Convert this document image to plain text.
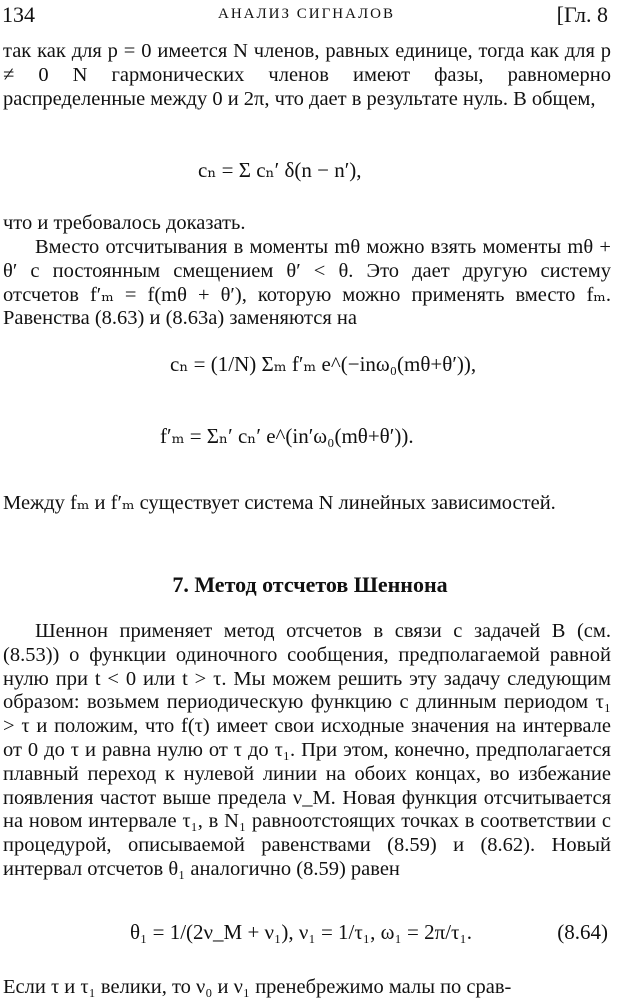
134	АНАЛИЗ СИГНАЛОВ	[Гл. 8

так как для p = 0 имеется N членов, равных единице, тогда как для p ≠ 0 N гармонических членов имеют фазы, равномерно распределенные между 0 и 2π, что дает в результате нуль. В общем,

cₙ = Σ cₙ′ δ(n − n′),

что и требовалось доказать.

Вместо отсчитывания в моменты mθ можно взять моменты mθ + θ′ с постоянным смещением θ′ < θ. Это дает другую систему отсчетов f′ₘ = f(mθ + θ′), которую можно применять вместо fₘ. Равенства (8.63) и (8.63а) заменяются на

cₙ = (1/N) Σₘ f′ₘ e^(−inω₀(mθ+θ′)),
f′ₘ = Σₙ′ cₙ′ e^(in′ω₀(mθ+θ′)).

Между fₘ и f′ₘ существует система N линейных зависимостей.

7. Метод отсчетов Шеннона

Шеннон применяет метод отсчетов в связи с задачей В (см. (8.53)) о функции одиночного сообщения, предполагаемой равной нулю при t < 0 или t > τ. Мы можем решить эту задачу следующим образом: возьмем периодическую функцию с длинным периодом τ₁ > τ и положим, что f(τ) имеет свои исходные значения на интервале от 0 до τ и равна нулю от τ до τ₁. При этом, конечно, предполагается плавный переход к нулевой линии на обоих концах, во избежание появления частот выше предела ν_M. Новая функция отсчитывается на новом интервале τ₁, в N₁ равноотстоящих точках в соответствии с процедурой, описываемой равенствами (8.59) и (8.62). Новый интервал отсчетов θ₁ аналогично (8.59) равен

θ₁ = 1/(2ν_M + ν₁), ν₁ = 1/τ₁, ω₁ = 2π/τ₁.	(8.64)

Если τ и τ₁ велики, то ν₀ и ν₁ пренебрежимо малы по срав-
